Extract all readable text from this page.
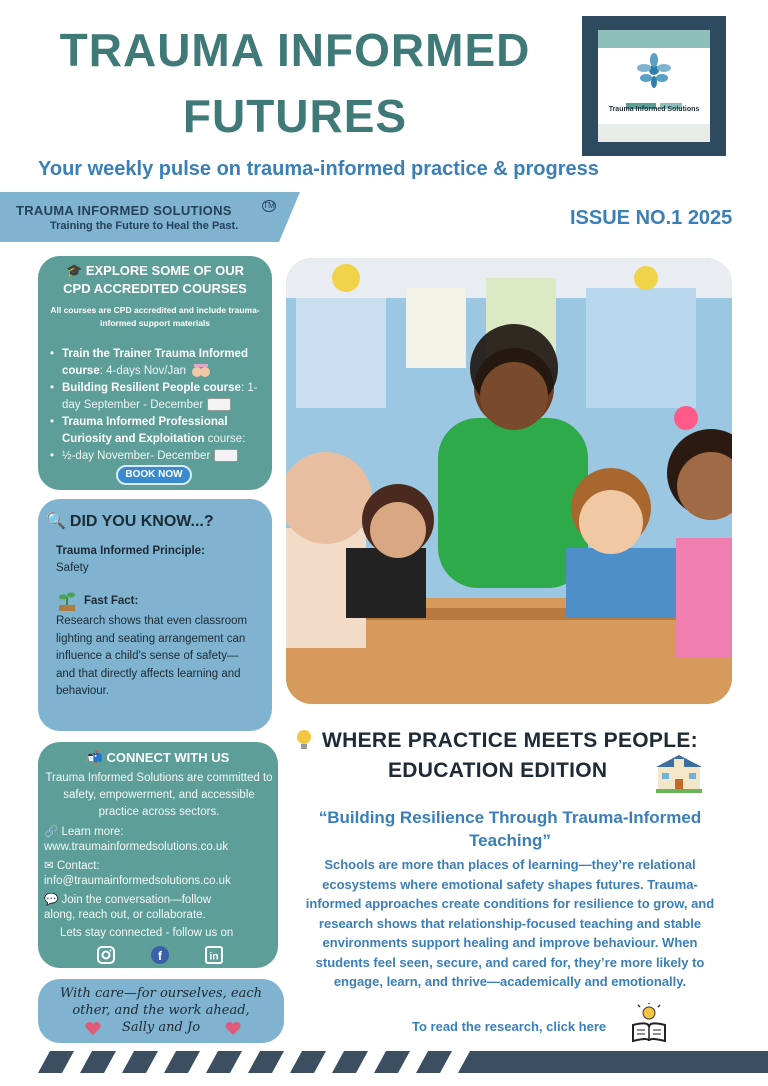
TRAUMA INFORMED
FUTURES	Trauma Informed Solutions
Your weekly pulse on trauma-informed practice & progress
TRAUMA INFORMED SOLUTIONS	TM
Training the Future to Heal the Past.	ISSUE NO.1 2025
🎓 EXPLORE SOME OF OUR
CPD ACCREDITED COURSES
All courses are CPD accredited and include trauma-informed support materials
• Train the Trainer Trauma Informed course: 4-days Nov/Jan
• Building Resilient People course: 1-day September - December
• Trauma Informed Professional Curiosity and Exploitation course:
• ½-day November- December
BOOK NOW
🔍 DID YOU KNOW...?
Trauma Informed Principle:
Safety
Fast Fact:
Research shows that even classroom lighting and seating arrangement can influence a child's sense of safety—and that directly affects learning and behaviour.
📬 CONNECT WITH US
Trauma Informed Solutions are committed to safety, empowerment, and accessible practice across sectors.
🔗 Learn more:
www.traumainformedsolutions.co.uk
✉ Contact:
info@traumainformedsolutions.co.uk
💬 Join the conversation—follow
along, reach out, or collaborate.
Lets stay connected - follow us on
f	in
With care—for ourselves, each
other, and the work ahead,
Sally and Jo
WHERE PRACTICE MEETS PEOPLE:
EDUCATION EDITION
“Building Resilience Through Trauma-Informed Teaching”
Schools are more than places of learning—they’re relational ecosystems where emotional safety shapes futures. Trauma-informed approaches create conditions for resilience to grow, and research shows that relationship-focused teaching and stable environments support healing and improve behaviour. When students feel seen, secure, and cared for, they’re more likely to engage, learn, and thrive—academically and emotionally.
To read the research, click here
